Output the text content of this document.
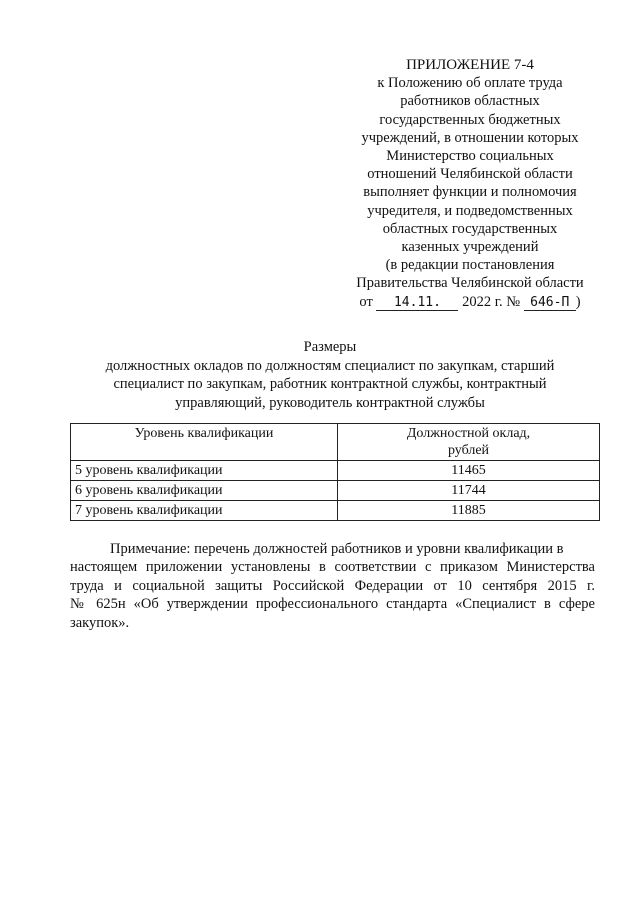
ПРИЛОЖЕНИЕ 7-4
к Положению об оплате труда
работников областных
государственных бюджетных
учреждений, в отношении которых
Министерство социальных
отношений Челябинской области
выполняет функции и полномочия
учредителя, и подведомственных
областных государственных
казенных учреждений
(в редакции постановления
Правительства Челябинской области
от 14.11. 2022 г. № 646-П )
Размеры
должностных окладов по должностям специалист по закупкам, старший
специалист по закупкам, работник контрактной службы, контрактный
управляющий, руководитель контрактной службы
Уровень квалификации	Должностной оклад,
рублей
5 уровень квалификации	11465
6 уровень квалификации	11744
7 уровень квалификации	11885
Примечание: перечень должностей работников и уровни квалификации в
настоящем приложении установлены в соответствии с приказом Министерства
труда и социальной защиты Российской Федерации от 10 сентября 2015 г.
№ 625н «Об утверждении профессионального стандарта «Специалист в сфере
закупок».
